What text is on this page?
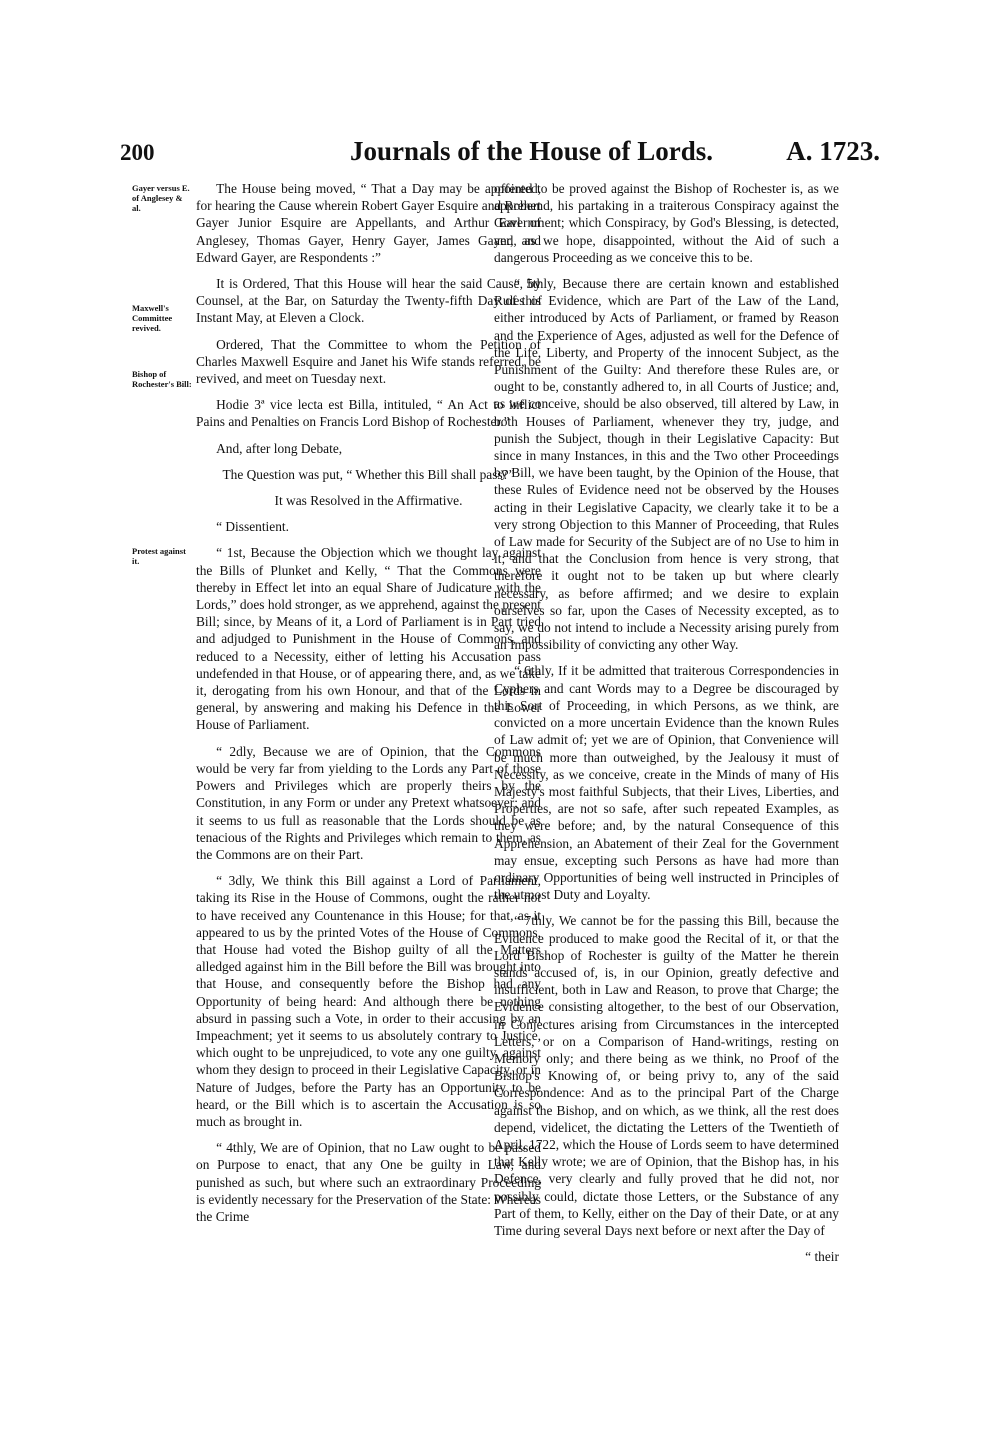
200	Journals of the House of Lords.	A. 1723.
Gayer versus E. of Anglesey & al.
Maxwell's Committee revived.
Bishop of Rochester's Bill:
Protest against it.

The House being moved, “ That a Day may be appointed, for hearing the Cause wherein Robert Gayer Esquire and Robert Gayer Junior Esquire are Appellants, and Arthur Earl of Anglesey, Thomas Gayer, Henry Gayer, James Gayer, and Edward Gayer, are Respondents :”

It is Ordered, That this House will hear the said Cause, by Counsel, at the Bar, on Saturday the Twenty-fifth Day of this Instant May, at Eleven a Clock.

Ordered, That the Committee to whom the Petition of Charles Maxwell Esquire and Janet his Wife stands referred, be revived, and meet on Tuesday next.

Hodie 3ª vice lecta est Billa, intituled, “ An Act to inflict Pains and Penalties on Francis Lord Bishop of Rochester.”

And, after long Debate,

The Question was put, “ Whether this Bill shall pass?”

It was Resolved in the Affirmative.

“ Dissentient.

“ 1st, Because the Objection which we thought lay against the Bills of Plunket and Kelly, “ That the Commons were thereby in Effect let into an equal Share of Judicature with the Lords,” does hold stronger, as we apprehend, against the present Bill; since, by Means of it, a Lord of Parliament is in Part tried and adjudged to Punishment in the House of Commons, and reduced to a Necessity, either of letting his Accusation pass undefended in that House, or of appearing there, and, as we take it, derogating from his own Honour, and that of the Lords in general, by answering and making his Defence in the Lower House of Parliament.

“ 2dly, Because we are of Opinion, that the Commons would be very far from yielding to the Lords any Part of those Powers and Privileges which are properly theirs by the Constitution, in any Form or under any Pretext whatsoever; and it seems to us full as reasonable that the Lords should be as tenacious of the Rights and Privileges which remain to them, as the Commons are on their Part.

“ 3dly, We think this Bill against a Lord of Parliament, taking its Rise in the House of Commons, ought the rather not to have received any Countenance in this House; for that, as it appeared to us by the printed Votes of the House of Commons, that House had voted the Bishop guilty of all the Matters alledged against him in the Bill before the Bill was brought into that House, and consequently before the Bishop had any Opportunity of being heard: And although there be nothing absurd in passing such a Vote, in order to their accusing by an Impeachment; yet it seems to us absolutely contrary to Justice, which ought to be unprejudiced, to vote any one guilty, against whom they design to proceed in their Legislative Capacity, or in Nature of Judges, before the Party has an Opportunity to be heard, or the Bill which is to ascertain the Accusation is so much as brought in.

“ 4thly, We are of Opinion, that no Law ought to be passed on Purpose to enact, that any One be guilty in Law, and punished as such, but where such an extraordinary Proceeding is evidently necessary for the Preservation of the State: Whereas the Crime

offered to be proved against the Bishop of Rochester is, as we apprehend, his partaking in a traiterous Conspiracy against the Government; which Conspiracy, by God's Blessing, is detected, and, as we hope, disappointed, without the Aid of such a dangerous Proceeding as we conceive this to be.

“ 5thly, Because there are certain known and established Rules of Evidence, which are Part of the Law of the Land, either introduced by Acts of Parliament, or framed by Reason and the Experience of Ages, adjusted as well for the Defence of the Life, Liberty, and Property of the innocent Subject, as the Punishment of the Guilty: And therefore these Rules are, or ought to be, constantly adhered to, in all Courts of Justice; and, as we conceive, should be also observed, till altered by Law, in both Houses of Parliament, whenever they try, judge, and punish the Subject, though in their Legislative Capacity: But since in many Instances, in this and the Two other Proceedings by Bill, we have been taught, by the Opinion of the House, that these Rules of Evidence need not be observed by the Houses acting in their Legislative Capacity, we clearly take it to be a very strong Objection to this Manner of Proceeding, that Rules of Law made for Security of the Subject are of no Use to him in it; and that the Conclusion from hence is very strong, that therefore it ought not to be taken up but where clearly necessary, as before affirmed; and we desire to explain ourselves so far, upon the Cases of Necessity excepted, as to say, we do not intend to include a Necessity arising purely from an Impossibility of convicting any other Way.

“ 6thly, If it be admitted that traiterous Correspondencies in Cyphers and cant Words may to a Degree be discouraged by this Sort of Proceeding, in which Persons, as we think, are convicted on a more uncertain Evidence than the known Rules of Law admit of; yet we are of Opinion, that Convenience will be much more than outweighed, by the Jealousy it must of Necessity, as we conceive, create in the Minds of many of His Majesty's most faithful Subjects, that their Lives, Liberties, and Properties, are not so safe, after such repeated Examples, as they were before; and, by the natural Consequence of this Apprehension, an Abatement of their Zeal for the Government may ensue, excepting such Persons as have had more than ordinary Opportunities of being well instructed in Principles of the utmost Duty and Loyalty.

“ 7thly, We cannot be for the passing this Bill, because the Evidence produced to make good the Recital of it, or that the Lord Bishop of Rochester is guilty of the Matter he therein stands accused of, is, in our Opinion, greatly defective and insufficient, both in Law and Reason, to prove that Charge; the Evidence consisting altogether, to the best of our Observation, in Conjectures arising from Circumstances in the intercepted Letters, or on a Comparison of Hand-writings, resting on Memory only; and there being as we think, no Proof of the Bishop's Knowing of, or being privy to, any of the said Correspondence: And as to the principal Part of the Charge against the Bishop, and on which, as we think, all the rest does depend, videlicet, the dictating the Letters of the Twentieth of April, 1722, which the House of Lords seem to have determined that Kelly wrote; we are of Opinion, that the Bishop has, in his Defence, very clearly and fully proved that he did not, nor possibly could, dictate those Letters, or the Substance of any Part of them, to Kelly, either on the Day of their Date, or at any Time during several Days next before or next after the Day of

“ their
